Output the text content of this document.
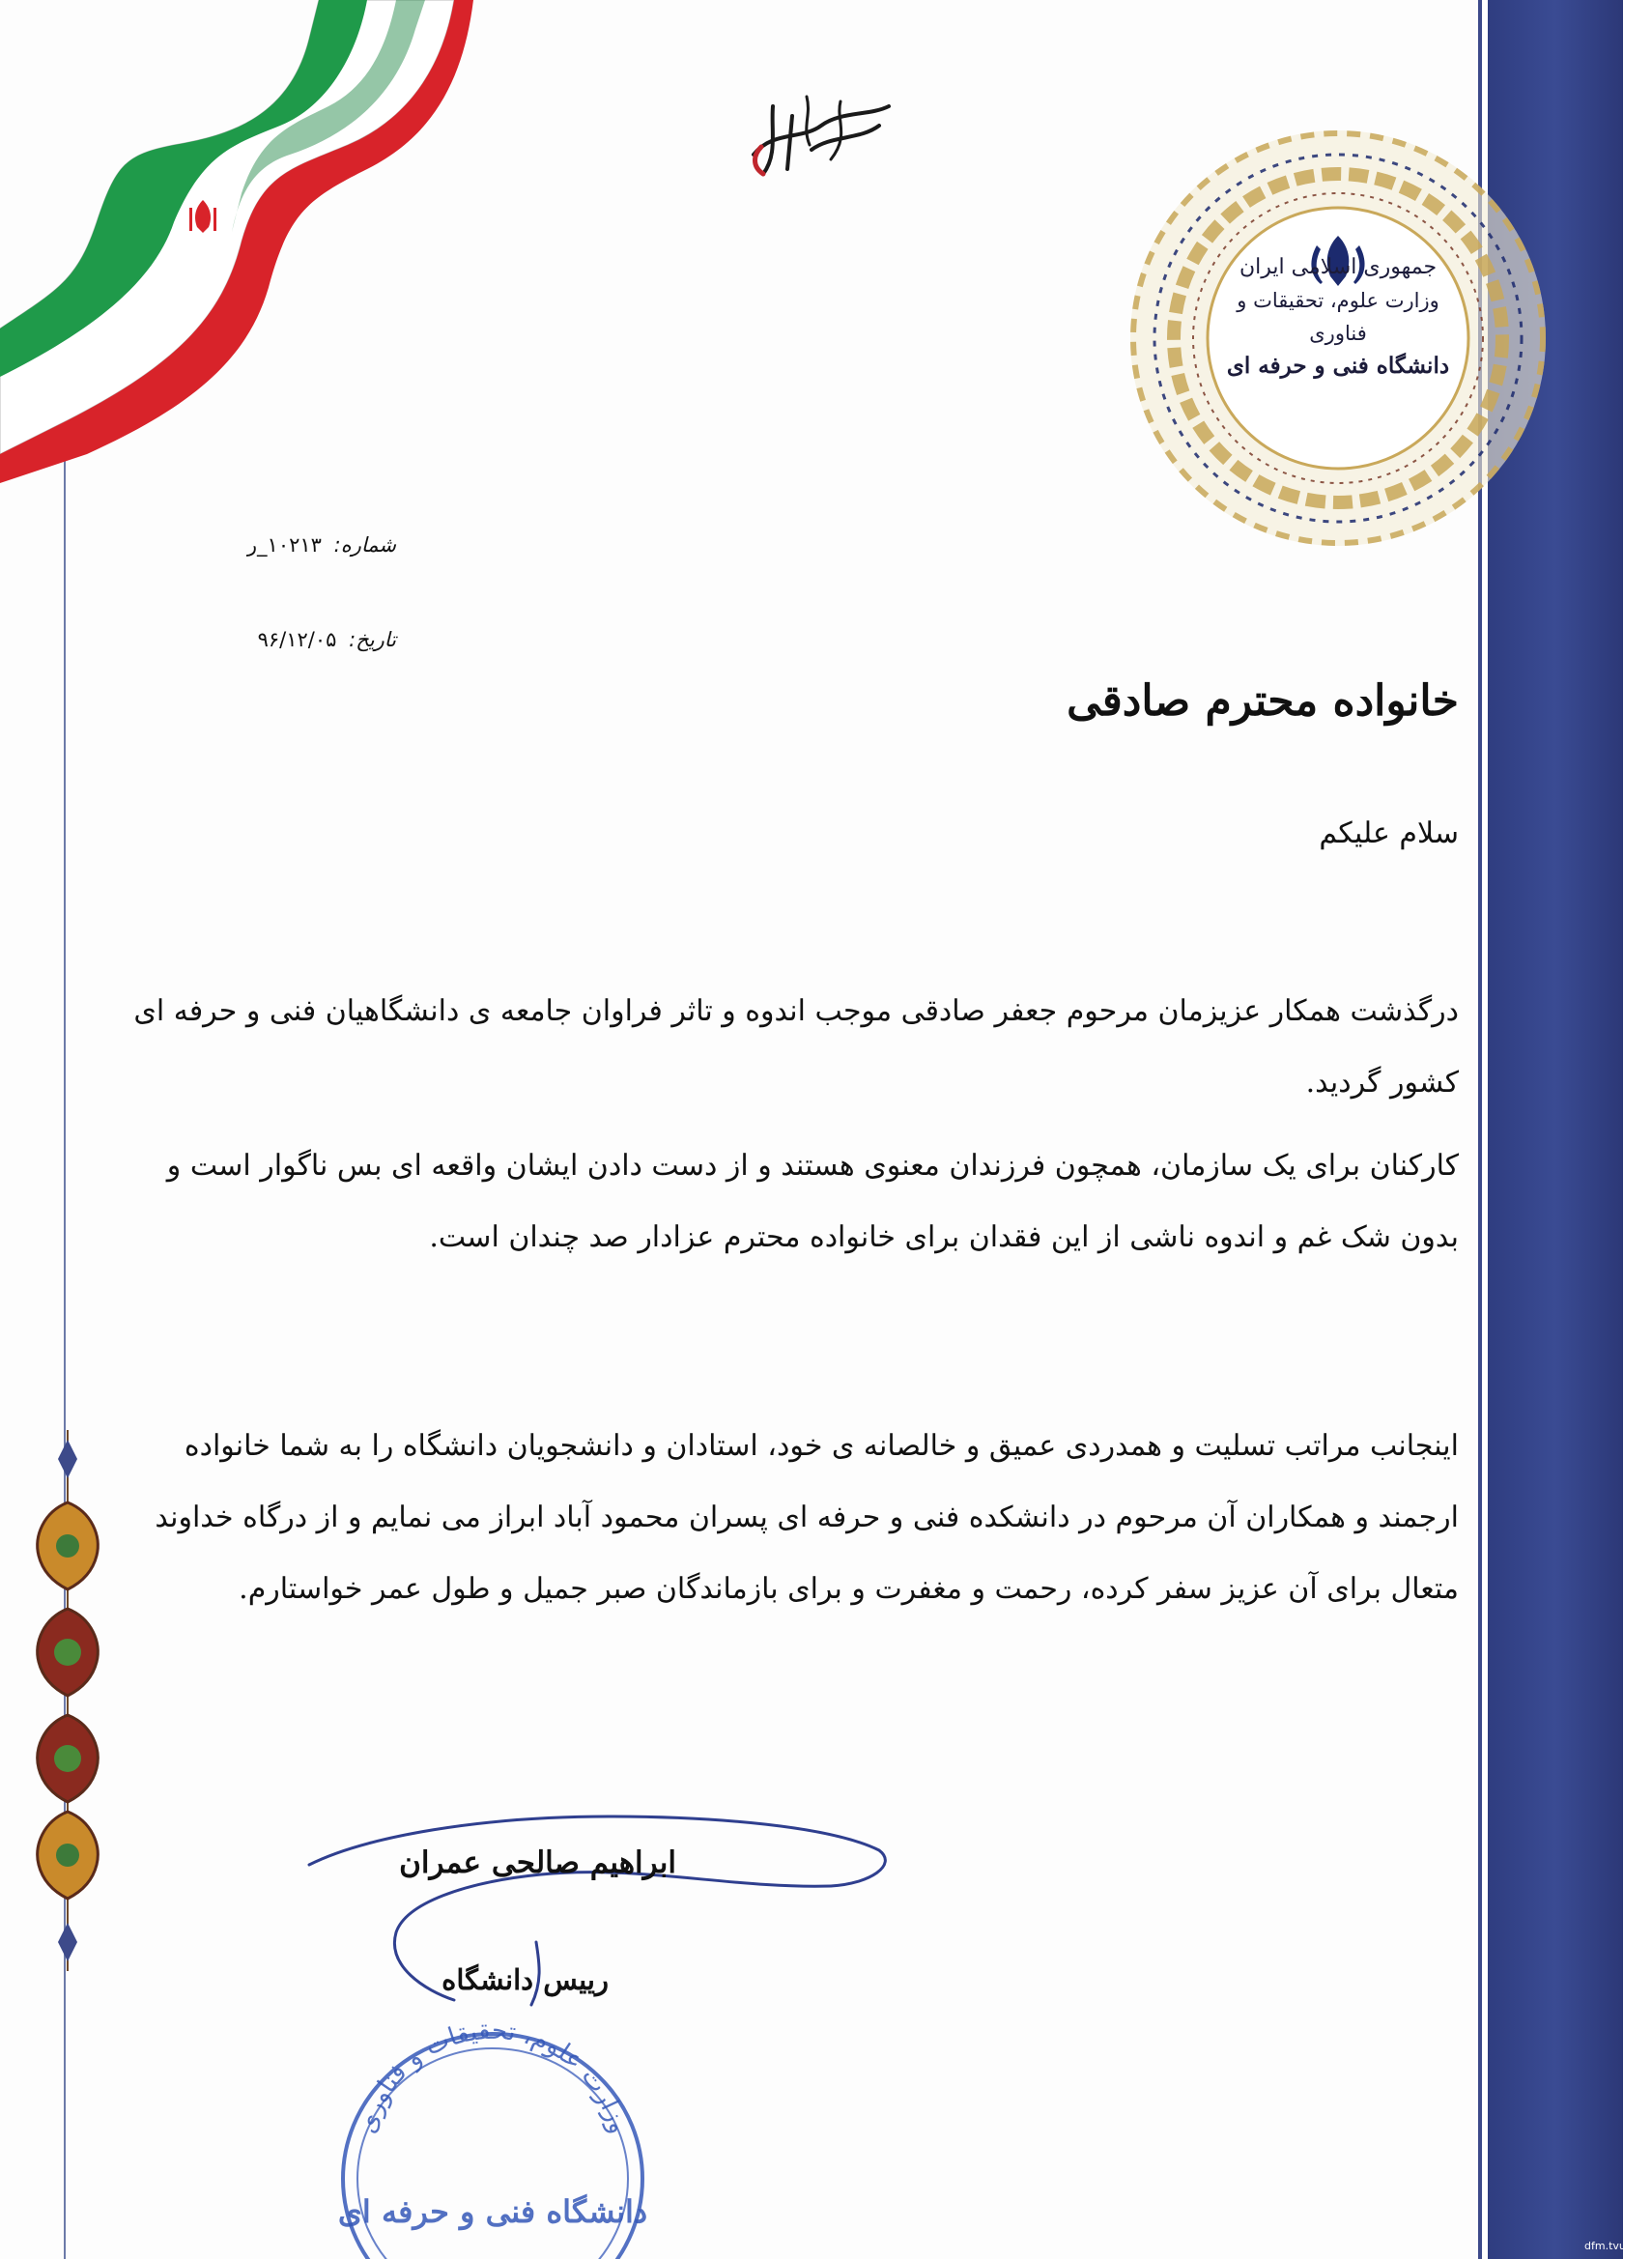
جمهوری اسلامی ایران
وزارت علوم، تحقیقات و فناوری
دانشگاه فنی و حرفه ای
شماره: ۱۰۲۱۳_ر
تاریخ: ۹۶/۱۲/۰۵
خانواده محترم صادقی
سلام علیکم
درگذشت همکار عزیزمان مرحوم جعفر صادقی موجب اندوه و تاثر فراوان جامعه ی دانشگاهیان فنی و حرفه ای کشور گردید.
کارکنان برای یک سازمان، همچون فرزندان معنوی هستند و از دست دادن ایشان واقعه ای بس ناگوار است و بدون شک غم و اندوه ناشی از این فقدان برای خانواده محترم عزادار صد چندان است.
اینجانب مراتب تسلیت و همدردی عمیق و خالصانه ی خود، استادان و دانشجویان دانشگاه را به شما خانواده ارجمند و همکاران آن مرحوم در دانشکده فنی و حرفه ای پسران محمود آباد ابراز می نمایم و از درگاه خداوند متعال برای آن عزیز سفر کرده، رحمت و مغفرت و برای بازماندگان صبر جمیل و طول عمر خواستارم.
ابراهیم صالحی عمران
رییس دانشگاه
وزارت علوم، تحقیقات و فناوری
دانشگاه فنی و حرفه ای
dfm.tvu.ac.ir
